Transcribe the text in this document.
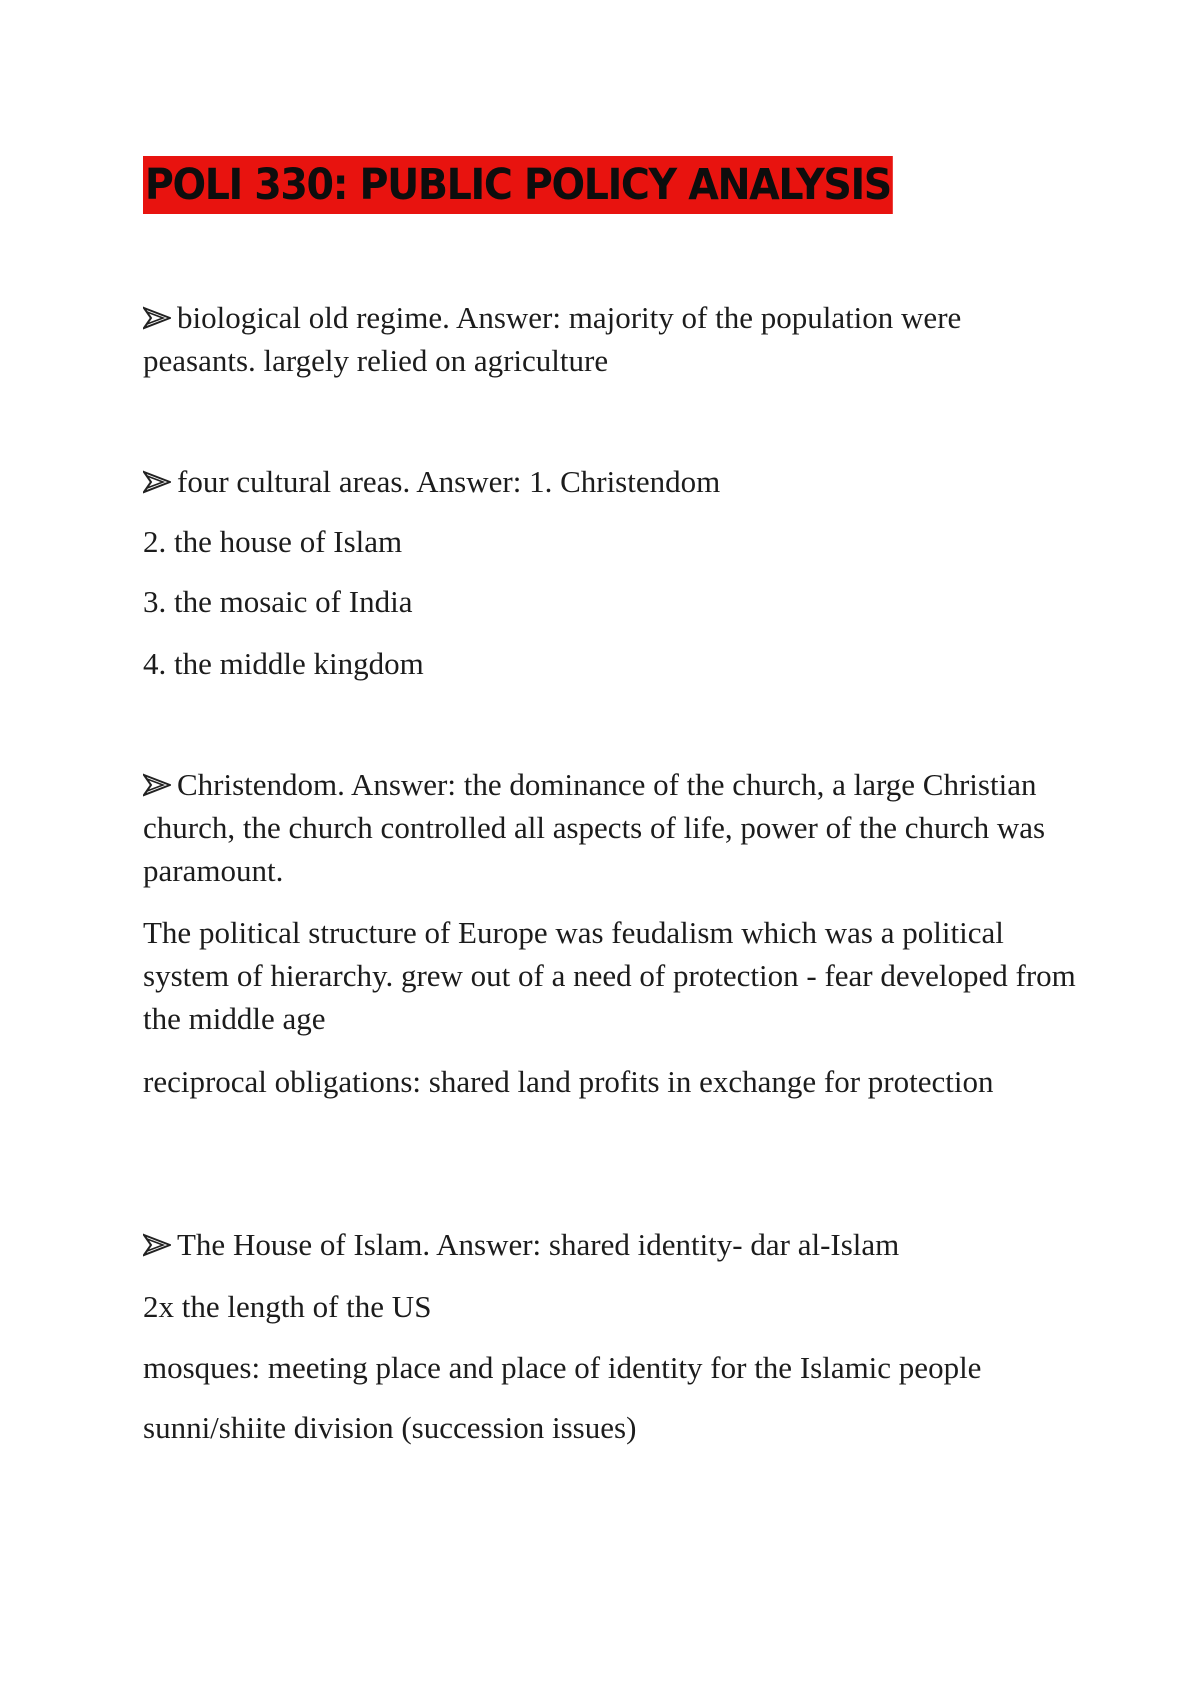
POLI 330: PUBLIC POLICY ANALYSIS

biological old regime. Answer: majority of the population were peasants. largely relied on agriculture

four cultural areas. Answer: 1. Christendom

2. the house of Islam

3. the mosaic of India

4. the middle kingdom

Christendom. Answer: the dominance of the church, a large Christian church, the church controlled all aspects of life, power of the church was paramount.

The political structure of Europe was feudalism which was a political system of hierarchy. grew out of a need of protection - fear developed from the middle age

reciprocal obligations: shared land profits in exchange for protection

The House of Islam. Answer: shared identity- dar al-Islam

2x the length of the US

mosques: meeting place and place of identity for the Islamic people

sunni/shiite division (succession issues)
